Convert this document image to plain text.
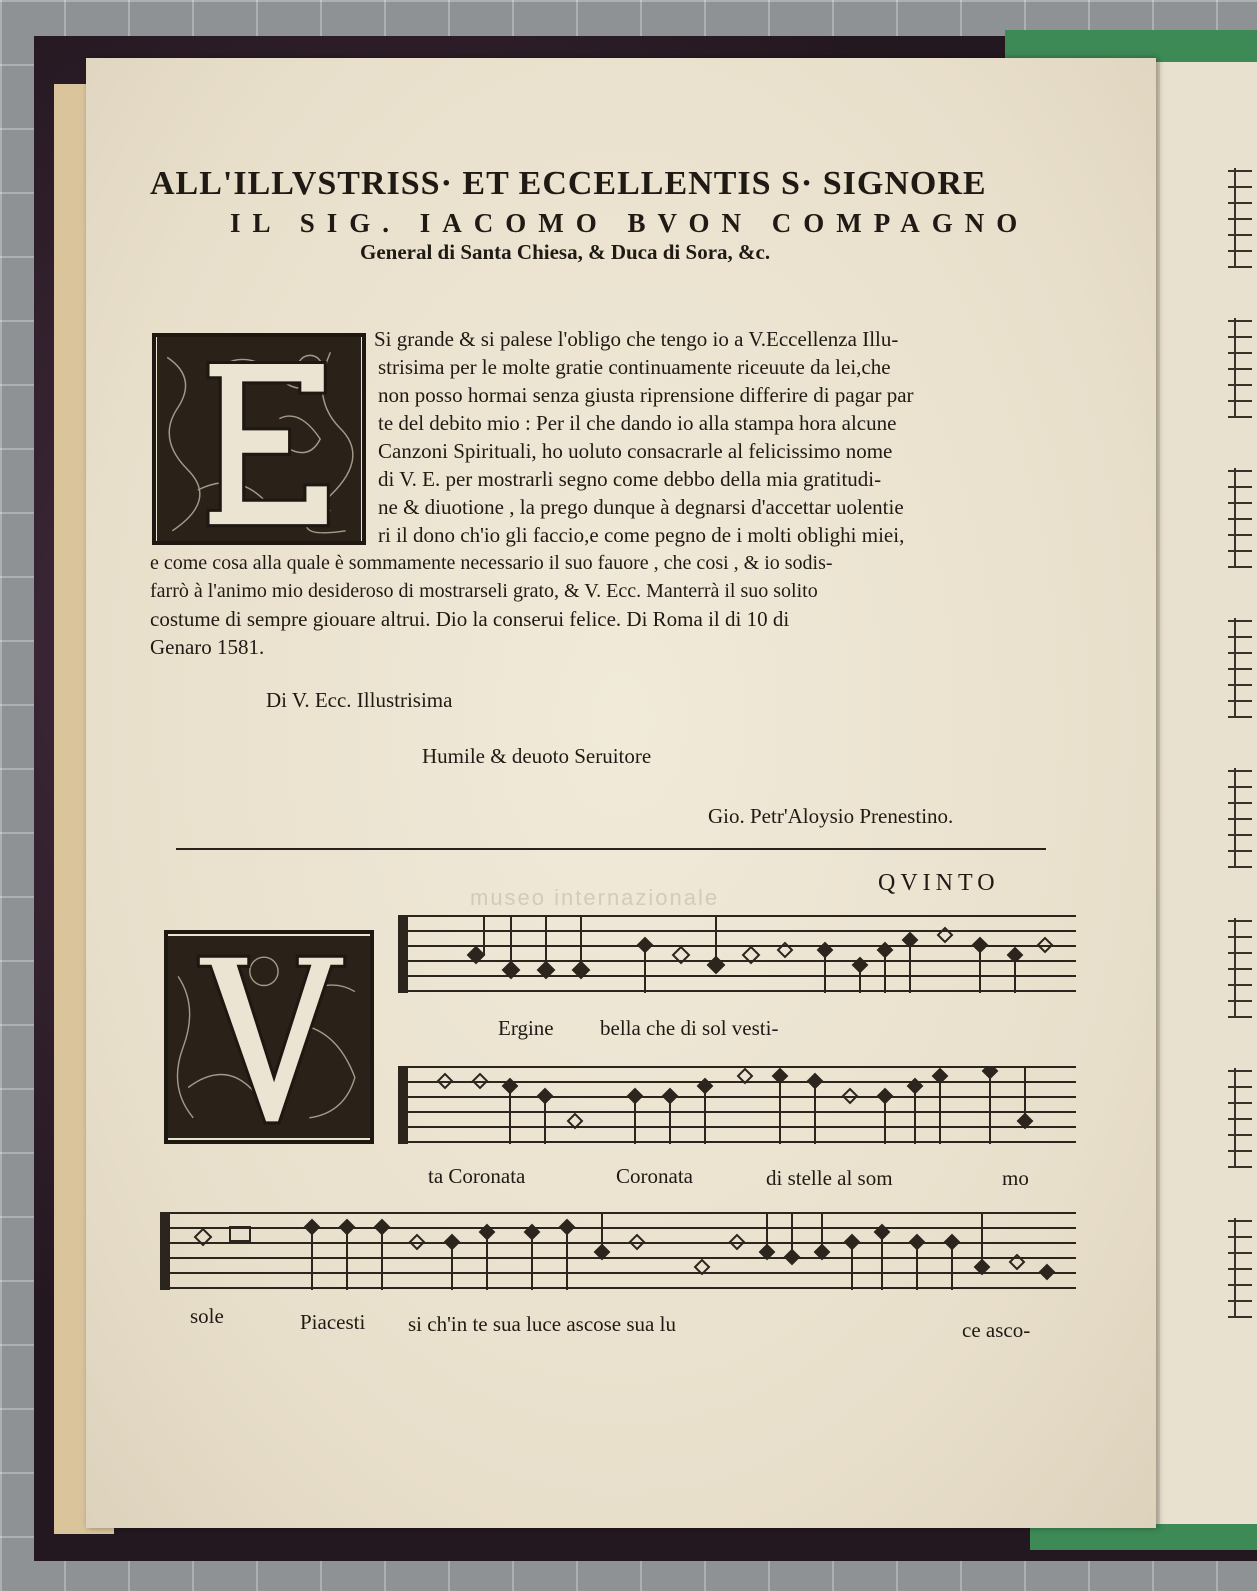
ALL'ILLVSTRISS· ET ECCELLENTIS S· SIGNORE
IL SIG. IACOMO BVON COMPAGNO
General di Santa Chiesa, & Duca di Sora, &c.
Si grande & si palese l'obligo che tengo io a V.Eccellenza Illu-
strisima per le molte gratie continuamente riceuute da lei,che
non posso hormai senza giusta riprensione differire di pagar par
te del debito mio : Per il che dando io alla stampa hora alcune
Canzoni Spirituali, ho uoluto consacrarle al felicissimo nome
di V. E. per mostrarli segno come debbo della mia gratitudi-
ne & diuotione , la prego dunque à degnarsi d'accettar uolentie
ri il dono ch'io gli faccio,e come pegno de i molti oblighi miei,
e come cosa alla quale è sommamente necessario il suo fauore , che cosi , & io sodis-
farrò à l'animo mio desideroso di mostrarseli grato, & V. Ecc. Manterrà il suo solito
costume di sempre giouare altrui. Dio la conserui felice. Di Roma il di 10 di
Genaro 1581.
Di V. Ecc. Illustrisima
Humile & deuoto Seruitore
Gio. Petr'Aloysio Prenestino.
museo internazionale
QVINTO
Ergine bella che di sol vesti-
ta Coronata	Coronata	di stelle al som	mo
sole	Piacesti si ch'in te sua luce ascose sua lu	ce asco-
